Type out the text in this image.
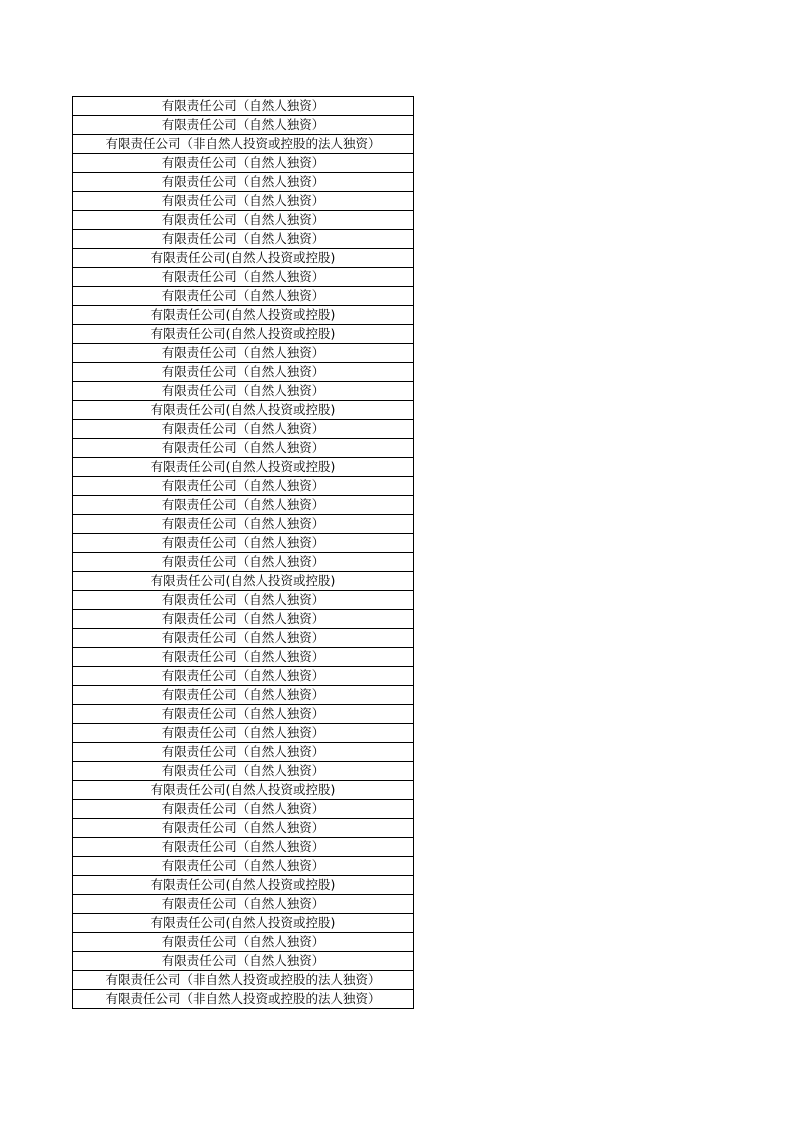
有限责任公司（自然人独资）
有限责任公司（自然人独资）
有限责任公司（非自然人投资或控股的法人独资）
有限责任公司（自然人独资）
有限责任公司（自然人独资）
有限责任公司（自然人独资）
有限责任公司（自然人独资）
有限责任公司（自然人独资）
有限责任公司(自然人投资或控股)
有限责任公司（自然人独资）
有限责任公司（自然人独资）
有限责任公司(自然人投资或控股)
有限责任公司(自然人投资或控股)
有限责任公司（自然人独资）
有限责任公司（自然人独资）
有限责任公司（自然人独资）
有限责任公司(自然人投资或控股)
有限责任公司（自然人独资）
有限责任公司（自然人独资）
有限责任公司(自然人投资或控股)
有限责任公司（自然人独资）
有限责任公司（自然人独资）
有限责任公司（自然人独资）
有限责任公司（自然人独资）
有限责任公司（自然人独资）
有限责任公司(自然人投资或控股)
有限责任公司（自然人独资）
有限责任公司（自然人独资）
有限责任公司（自然人独资）
有限责任公司（自然人独资）
有限责任公司（自然人独资）
有限责任公司（自然人独资）
有限责任公司（自然人独资）
有限责任公司（自然人独资）
有限责任公司（自然人独资）
有限责任公司（自然人独资）
有限责任公司(自然人投资或控股)
有限责任公司（自然人独资）
有限责任公司（自然人独资）
有限责任公司（自然人独资）
有限责任公司（自然人独资）
有限责任公司(自然人投资或控股)
有限责任公司（自然人独资）
有限责任公司(自然人投资或控股)
有限责任公司（自然人独资）
有限责任公司（自然人独资）
有限责任公司（非自然人投资或控股的法人独资）
有限责任公司（非自然人投资或控股的法人独资）
